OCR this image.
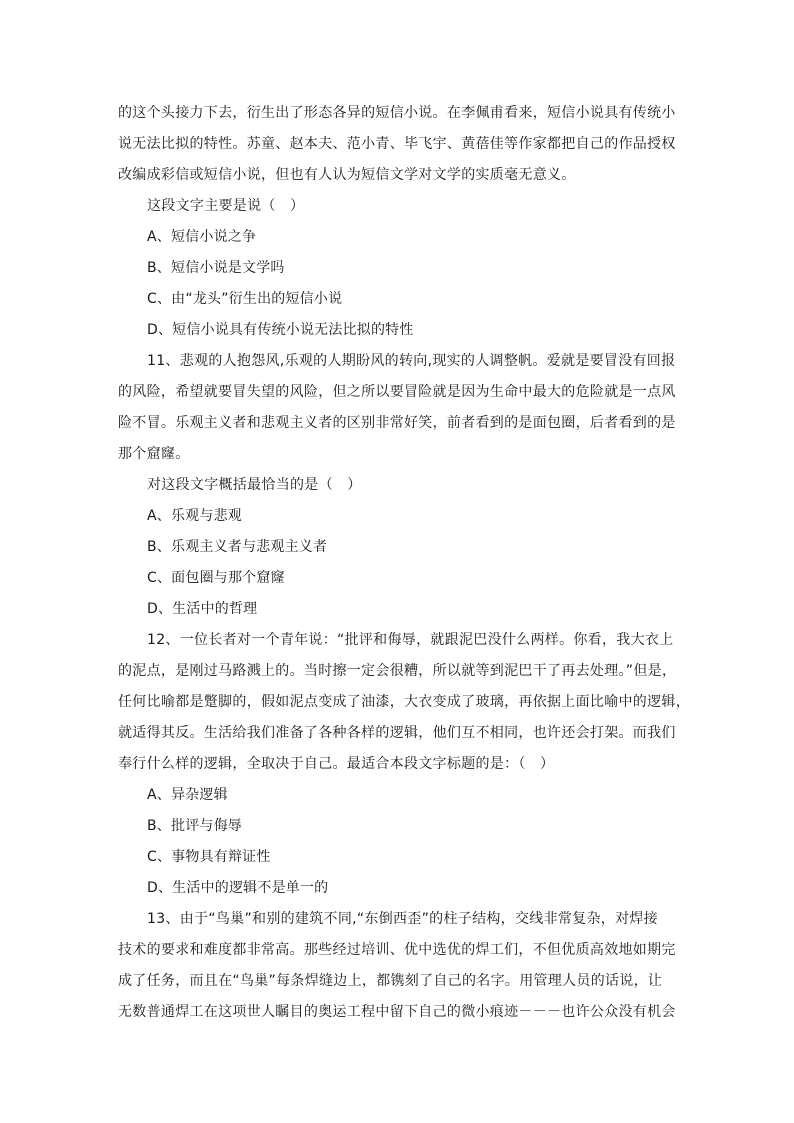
的这个头接力下去，衍生出了形态各异的短信小说。在李佩甫看来，短信小说具有传统小
说无法比拟的特性。苏童、赵本夫、范小青、毕飞宇、黄蓓佳等作家都把自己的作品授权
改编成彩信或短信小说，但也有人认为短信文学对文学的实质毫无意义。
这段文字主要是说（　）
A、短信小说之争
B、短信小说是文学吗
C、由“龙头”衍生出的短信小说
D、短信小说具有传统小说无法比拟的特性
11、悲观的人抱怨风,乐观的人期盼风的转向,现实的人调整帆。爱就是要冒没有回报
的风险，希望就要冒失望的风险，但之所以要冒险就是因为生命中最大的危险就是一点风
险不冒。乐观主义者和悲观主义者的区别非常好笑，前者看到的是面包圈，后者看到的是
那个窟窿。
对这段文字概括最恰当的是（　）
A、乐观与悲观
B、乐观主义者与悲观主义者
C、面包圈与那个窟窿
D、生活中的哲理
12、一位长者对一个青年说：“批评和侮辱，就跟泥巴没什么两样。你看，我大衣上
的泥点，是刚过马路溅上的。当时擦一定会很糟，所以就等到泥巴干了再去处理。”但是，
任何比喻都是蹩脚的，假如泥点变成了油漆，大衣变成了玻璃，再依据上面比喻中的逻辑，
就适得其反。生活给我们准备了各种各样的逻辑，他们互不相同，也许还会打架。而我们
奉行什么样的逻辑，全取决于自己。最适合本段文字标题的是：（　）
A、异杂逻辑
B、批评与侮辱
C、事物具有辩证性
D、生活中的逻辑不是单一的
13、由于“鸟巢”和别的建筑不同,“东倒西歪”的柱子结构，交线非常复杂，对焊接
技术的要求和难度都非常高。那些经过培训、优中选优的焊工们，不但优质高效地如期完
成了任务，而且在“鸟巢”每条焊缝边上，都镌刻了自己的名字。用管理人员的话说，让
无数普通焊工在这项世人瞩目的奥运工程中留下自己的微小痕迹－－－也许公众没有机会
